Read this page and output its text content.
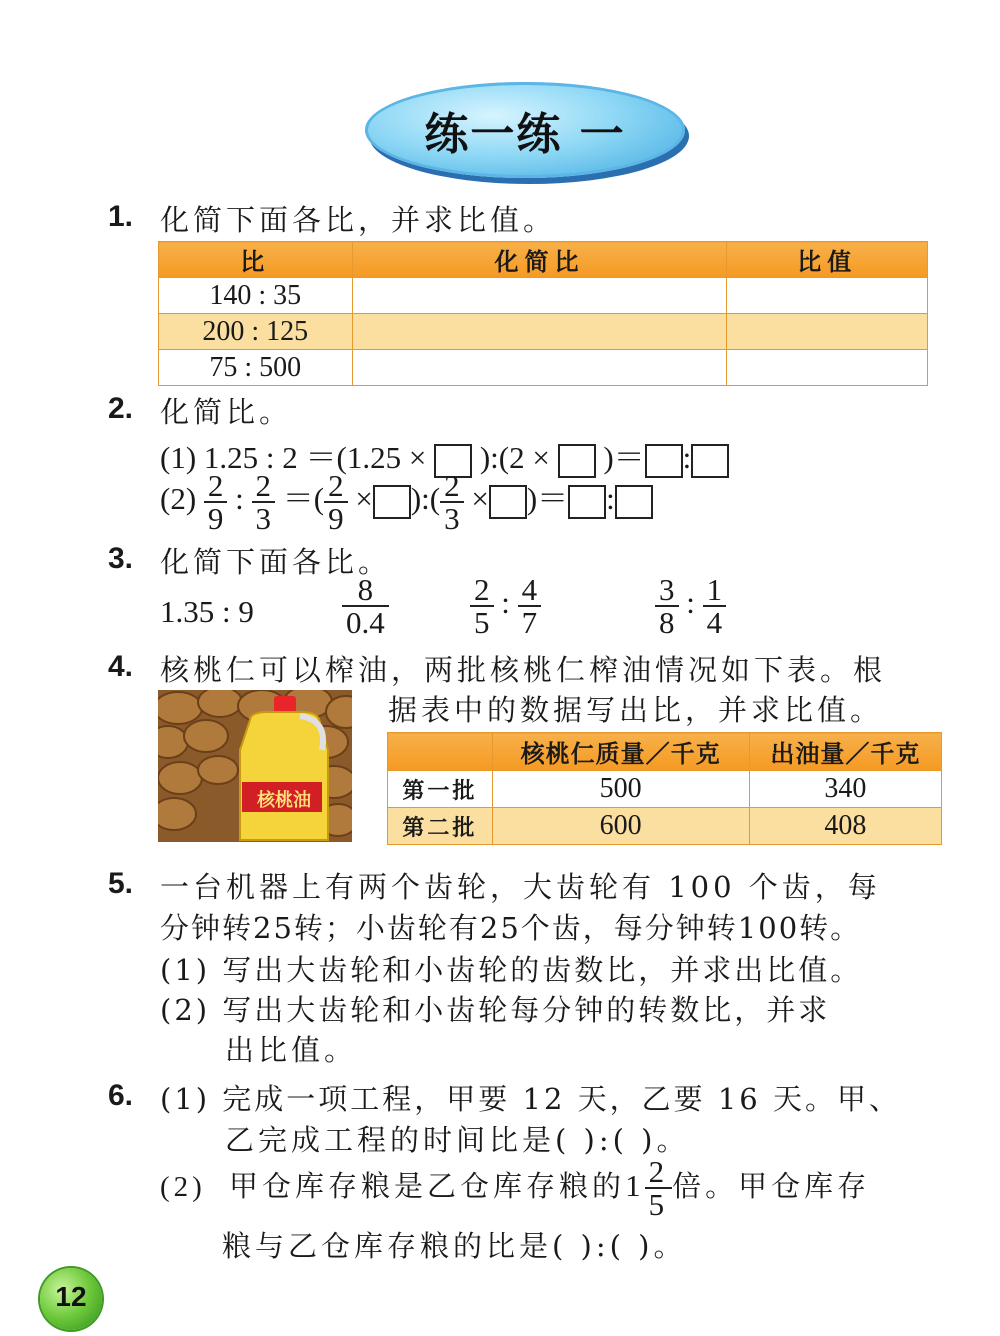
练一练 一
1. 化简下面各比，并求比值。
比	化简比	比值
140 : 35		
200 : 125		
75 : 500		
2. 化简比。
(1) 1.25 : 2 ＝(1.25 × ):(2 × )＝ :
$(2) \frac{2}{9}$ : $\frac{2}{3}$ ＝( $\frac{2}{9}$ × ):( $\frac{2}{3}$ × )＝ :
3. 化简下面各比。
1.35 : 9	$\frac{8}{0.4}$	$\frac{2}{5}$ : $\frac{4}{7}$	$\frac{3}{8}$ : $\frac{1}{4}$
4. 核桃仁可以榨油，两批核桃仁榨油情况如下表。根
据表中的数据写出比，并求比值。
核桃油
	核桃仁质量／千克	出油量／千克
第一批	500	340
第二批	600	408
5. 一台机器上有两个齿轮，大齿轮有 100 个齿，每
分钟转25转；小齿轮有25个齿，每分钟转100转。
(1) 写出大齿轮和小齿轮的齿数比，并求出比值。
(2) 写出大齿轮和小齿轮每分钟的转数比，并求
出比值。
6. (1) 完成一项工程，甲要 12 天，乙要 16 天。甲、
乙完成工程的时间比是( ):( )。
(2) 甲仓库存粮是乙仓库存粮的$1 \frac{2}{5}$ 倍。甲仓库存
粮与乙仓库存粮的比是( ):( )。
12
